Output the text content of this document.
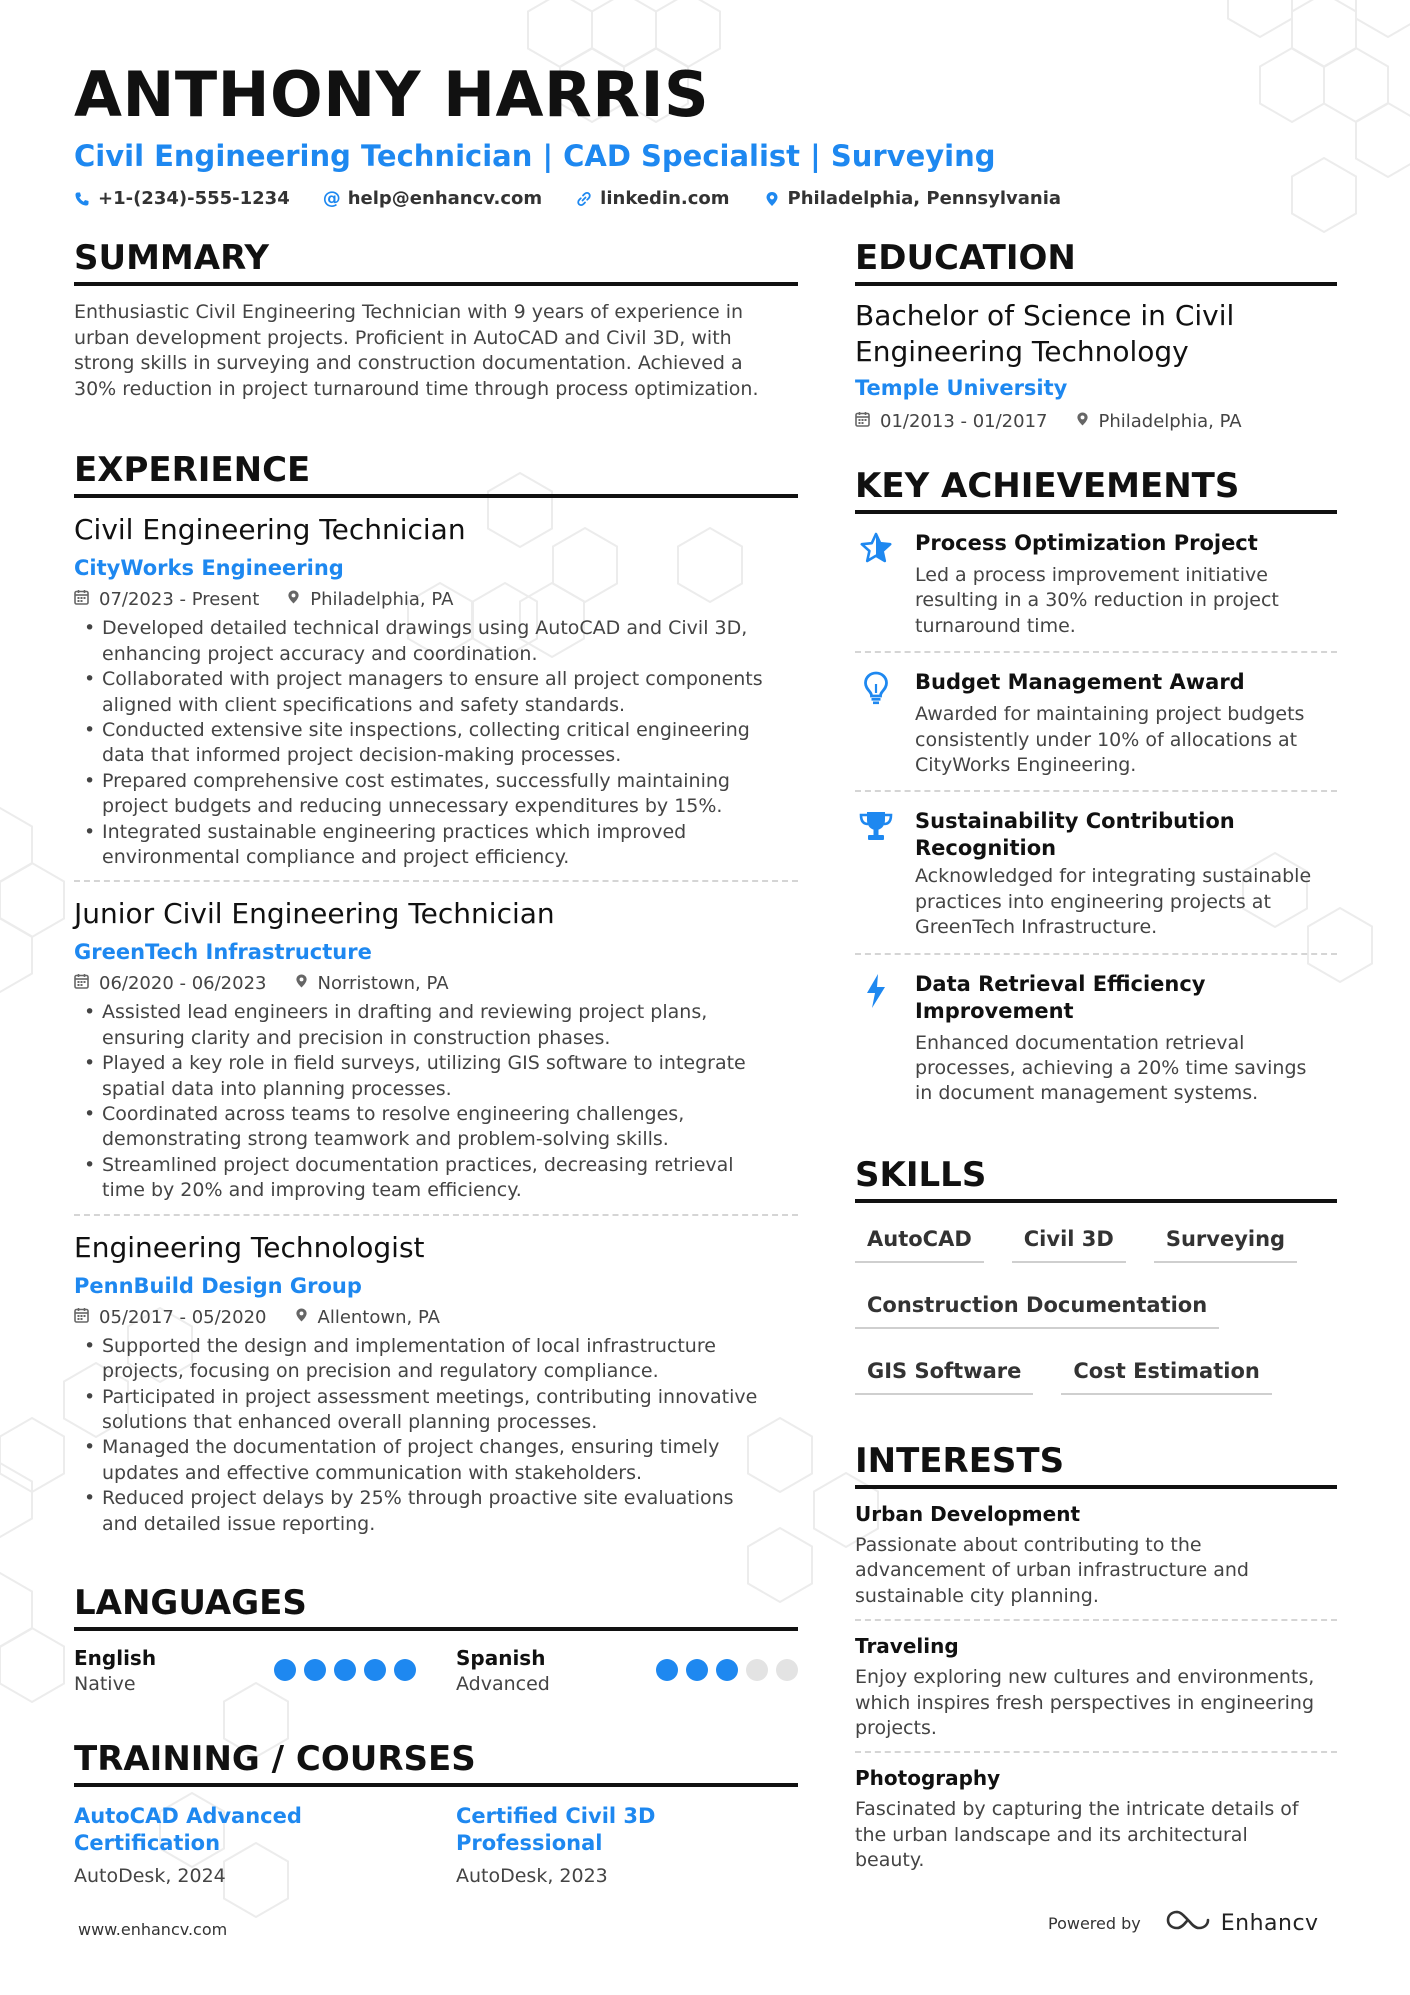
ANTHONY HARRIS
Civil Engineering Technician | CAD Specialist | Surveying
+1-(234)-555-1234 @ help@enhancv.com	linkedin.com	Philadelphia, Pennsylvania
SUMMARY
Enthusiastic Civil Engineering Technician with 9 years of experience in
urban development projects. Proficient in AutoCAD and Civil 3D, with
strong skills in surveying and construction documentation. Achieved a
30% reduction in project turnaround time through process optimization.
EXPERIENCE
Civil Engineering Technician
CityWorks Engineering
07/2023 - Present	Philadelphia, PA
• Developed detailed technical drawings using AutoCAD and Civil 3D,
enhancing project accuracy and coordination.
• Collaborated with project managers to ensure all project components
aligned with client specifications and safety standards.
• Conducted extensive site inspections, collecting critical engineering
data that informed project decision-making processes.
• Prepared comprehensive cost estimates, successfully maintaining
project budgets and reducing unnecessary expenditures by 15%.
• Integrated sustainable engineering practices which improved
environmental compliance and project efficiency.
Junior Civil Engineering Technician
GreenTech Infrastructure
06/2020 - 06/2023	Norristown, PA
• Assisted lead engineers in drafting and reviewing project plans,
ensuring clarity and precision in construction phases.
• Played a key role in field surveys, utilizing GIS software to integrate
spatial data into planning processes.
• Coordinated across teams to resolve engineering challenges,
demonstrating strong teamwork and problem-solving skills.
• Streamlined project documentation practices, decreasing retrieval
time by 20% and improving team efficiency.
Engineering Technologist
PennBuild Design Group
05/2017 - 05/2020	Allentown, PA
• Supported the design and implementation of local infrastructure
projects, focusing on precision and regulatory compliance.
• Participated in project assessment meetings, contributing innovative
solutions that enhanced overall planning processes.
• Managed the documentation of project changes, ensuring timely
updates and effective communication with stakeholders.
• Reduced project delays by 25% through proactive site evaluations
and detailed issue reporting.
LANGUAGES
English
Native
Spanish
Advanced
TRAINING / COURSES
AutoCAD Advanced
Certification
AutoDesk, 2024
Certified Civil 3D Professional
AutoDesk, 2023
EDUCATION
Bachelor of Science in Civil
Engineering Technology
Temple University
01/2013 - 01/2017	Philadelphia, PA
KEY ACHIEVEMENTS
Process Optimization Project
Led a process improvement initiative
resulting in a 30% reduction in project
turnaround time.
Budget Management Award
Awarded for maintaining project budgets
consistently under 10% of allocations at
CityWorks Engineering.
Sustainability Contribution
Recognition
Acknowledged for integrating sustainable
practices into engineering projects at
GreenTech Infrastructure.
Data Retrieval Efficiency Improvement
Enhanced documentation retrieval
processes, achieving a 20% time savings
in document management systems.
SKILLS
AutoCAD	Civil 3D	Surveying
Construction Documentation
GIS Software	Cost Estimation
INTERESTS
Urban Development
Passionate about contributing to the
advancement of urban infrastructure and
sustainable city planning.
Traveling
Enjoy exploring new cultures and environments,
which inspires fresh perspectives in engineering
projects.
Photography
Fascinated by capturing the intricate details of
the urban landscape and its architectural
beauty.
www.enhancv.com	Powered by	Enhancv
